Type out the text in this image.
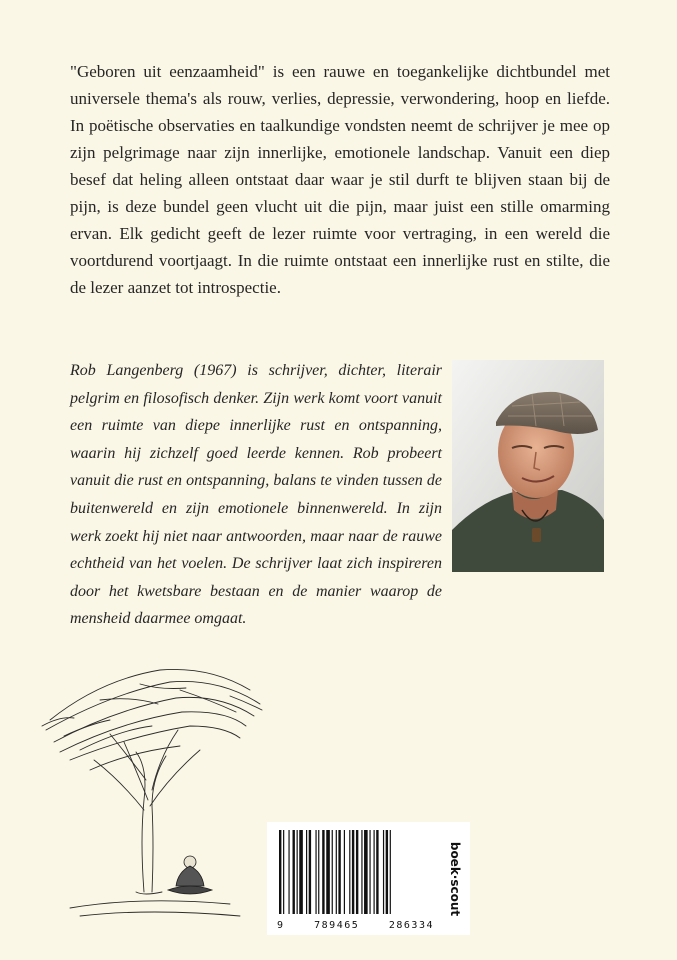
"Geboren uit eenzaamheid" is een rauwe en toegankelijke dichtbundel met universele thema's als rouw, verlies, depressie, verwondering, hoop en liefde. In poëtische observaties en taalkundige vondsten neemt de schrijver je mee op zijn pelgrimage naar zijn innerlijke, emotionele landschap. Vanuit een diep besef dat heling alleen ontstaat daar waar je stil durft te blijven staan bij de pijn, is deze bundel geen vlucht uit die pijn, maar juist een stille omarming ervan. Elk gedicht geeft de lezer ruimte voor vertraging, in een wereld die voortdurend voortjaagt. In die ruimte ontstaat een innerlijke rust en stilte, die de lezer aanzet tot introspectie.

Rob Langenberg (1967) is schrijver, dichter, literair pelgrim en filosofisch denker. Zijn werk komt voort vanuit een ruimte van diepe innerlijke rust en ontspanning, waarin hij zichzelf goed leerde kennen. Rob probeert vanuit die rust en ontspanning, balans te vinden tussen de buitenwereld en zijn emotionele binnenwereld. In zijn werk zoekt hij niet naar antwoorden, maar naar de rauwe echtheid van het voelen. De schrijver laat zich inspireren door het kwetsbare bestaan en de manier waarop de mensheid daarmee omgaat.

9	789465	286334
boek·scout
